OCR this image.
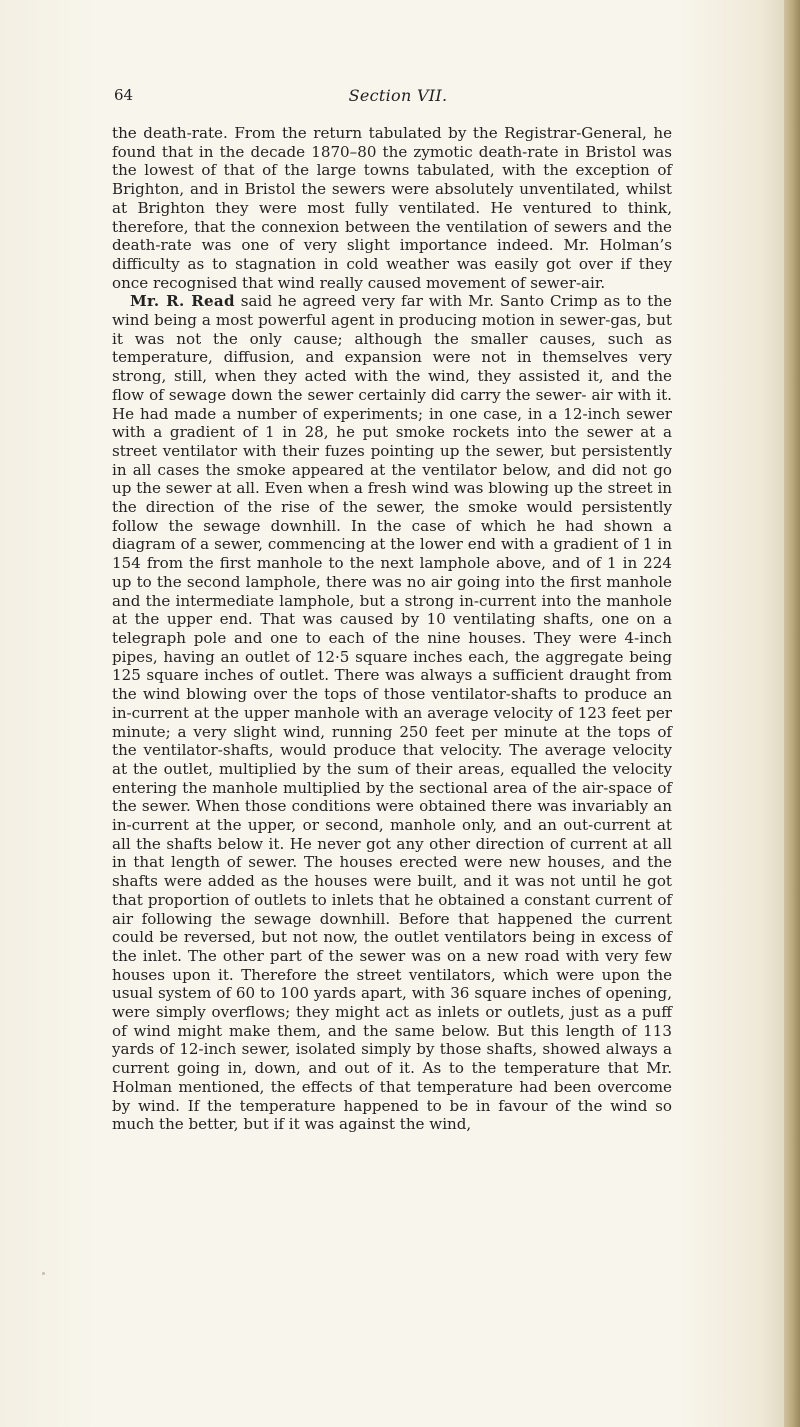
64	Section VII.

the death-rate. From the return tabulated by the Registrar-General, he found that in the decade 1870–80 the zymotic death-rate in Bristol was the lowest of that of the large towns tabulated, with the exception of Brighton, and in Bristol the sewers were absolutely unventilated, whilst at Brighton they were most fully ventilated. He ventured to think, therefore, that the connexion between the ventilation of sewers and the death-rate was one of very slight importance indeed. Mr. Holman’s difficulty as to stagnation in cold weather was easily got over if they once recognised that wind really caused movement of sewer-air.

Mr. R. Read said he agreed very far with Mr. Santo Crimp as to the wind being a most powerful agent in producing motion in sewer-gas, but it was not the only cause; although the smaller causes, such as temperature, diffusion, and expansion were not in themselves very strong, still, when they acted with the wind, they assisted it, and the flow of sewage down the sewer certainly did carry the sewer- air with it. He had made a number of experiments; in one case, in a 12-inch sewer with a gradient of 1 in 28, he put smoke rockets into the sewer at a street ventilator with their fuzes pointing up the sewer, but persistently in all cases the smoke appeared at the ventilator below, and did not go up the sewer at all. Even when a fresh wind was blowing up the street in the direction of the rise of the sewer, the smoke would persistently follow the sewage downhill. In the case of which he had shown a diagram of a sewer, commencing at the lower end with a gradient of 1 in 154 from the first manhole to the next lamphole above, and of 1 in 224 up to the second lamphole, there was no air going into the first manhole and the intermediate lamphole, but a strong in-current into the manhole at the upper end. That was caused by 10 ventilating shafts, one on a telegraph pole and one to each of the nine houses. They were 4-inch pipes, having an outlet of 12·5 square inches each, the aggregate being 125 square inches of outlet. There was always a sufficient draught from the wind blowing over the tops of those ventilator-shafts to produce an in-current at the upper manhole with an average velocity of 123 feet per minute; a very slight wind, running 250 feet per minute at the tops of the ventilator-shafts, would produce that velocity. The average velocity at the outlet, multiplied by the sum of their areas, equalled the velocity entering the manhole multiplied by the sectional area of the air-space of the sewer. When those conditions were obtained there was invariably an in-current at the upper, or second, manhole only, and an out-current at all the shafts below it. He never got any other direction of current at all in that length of sewer. The houses erected were new houses, and the shafts were added as the houses were built, and it was not until he got that proportion of outlets to inlets that he obtained a constant current of air following the sewage downhill. Before that happened the current could be reversed, but not now, the outlet ventilators being in excess of the inlet. The other part of the sewer was on a new road with very few houses upon it. Therefore the street ventilators, which were upon the usual system of 60 to 100 yards apart, with 36 square inches of opening, were simply overflows; they might act as inlets or outlets, just as a puff of wind might make them, and the same below. But this length of 113 yards of 12-inch sewer, isolated simply by those shafts, showed always a current going in, down, and out of it. As to the temperature that Mr. Holman mentioned, the effects of that temperature had been overcome by wind. If the temperature happened to be in favour of the wind so much the better, but if it was against the wind,
